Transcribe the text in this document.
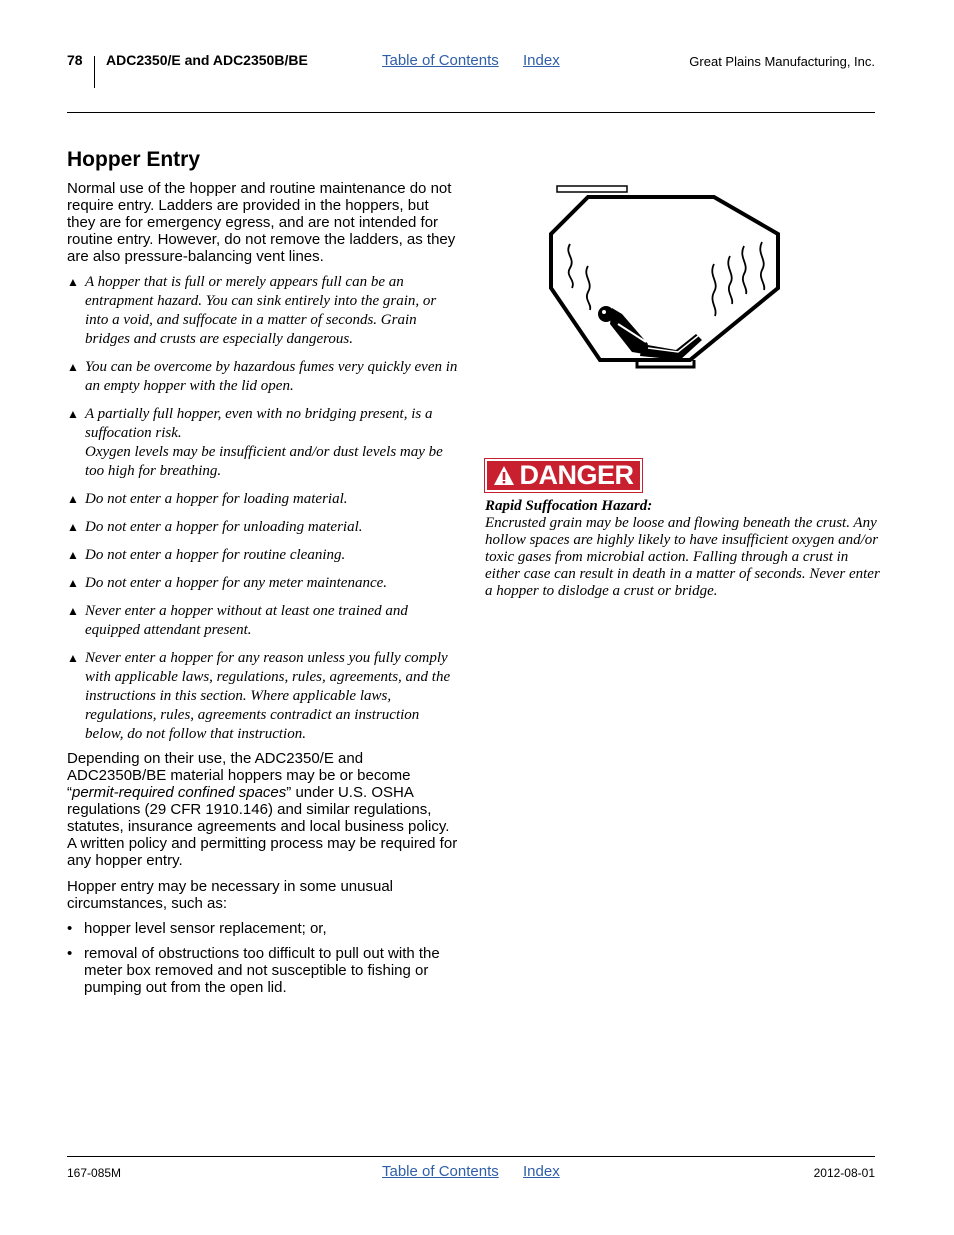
78 ADC2350/E and ADC2350B/BE	Table of Contents Index	Great Plains Manufacturing, Inc.
Hopper Entry

Normal use of the hopper and routine maintenance do not require entry. Ladders are provided in the hoppers, but they are for emergency egress, and are not intended for routine entry. However, do not remove the ladders, as they are also pressure-balancing vent lines.

▲ A hopper that is full or merely appears full can be an entrapment hazard. You can sink entirely into the grain, or into a void, and suffocate in a matter of seconds. Grain bridges and crusts are especially dangerous.
▲ You can be overcome by hazardous fumes very quickly even in an empty hopper with the lid open.
▲ A partially full hopper, even with no bridging present, is a suffocation risk.
Oxygen levels may be insufficient and/or dust levels may be too high for breathing.
▲ Do not enter a hopper for loading material.
▲ Do not enter a hopper for unloading material.
▲ Do not enter a hopper for routine cleaning.
▲ Do not enter a hopper for any meter maintenance.
▲ Never enter a hopper without at least one trained and equipped attendant present.
▲ Never enter a hopper for any reason unless you fully comply with applicable laws, regulations, rules, agreements, and the instructions in this section. Where applicable laws, regulations, rules, agreements contradict an instruction below, do not follow that instruction.

Depending on their use, the ADC2350/E and ADC2350B/BE material hoppers may be or become “permit-required confined spaces” under U.S. OSHA regulations (29 CFR 1910.146) and similar regulations, statutes, insurance agreements and local business policy. A written policy and permitting process may be required for any hopper entry.

Hopper entry may be necessary in some unusual circumstances, such as:

• hopper level sensor replacement; or,
• removal of obstructions too difficult to pull out with the meter box removed and not susceptible to fishing or pumping out from the open lid.
DANGER
Rapid Suffocation Hazard:
Encrusted grain may be loose and flowing beneath the crust. Any hollow spaces are highly likely to have insufficient oxygen and/or toxic gases from microbial action. Falling through a crust in either case can result in death in a matter of seconds. Never enter a hopper to dislodge a crust or bridge.
167-085M	Table of Contents Index	2012-08-01
